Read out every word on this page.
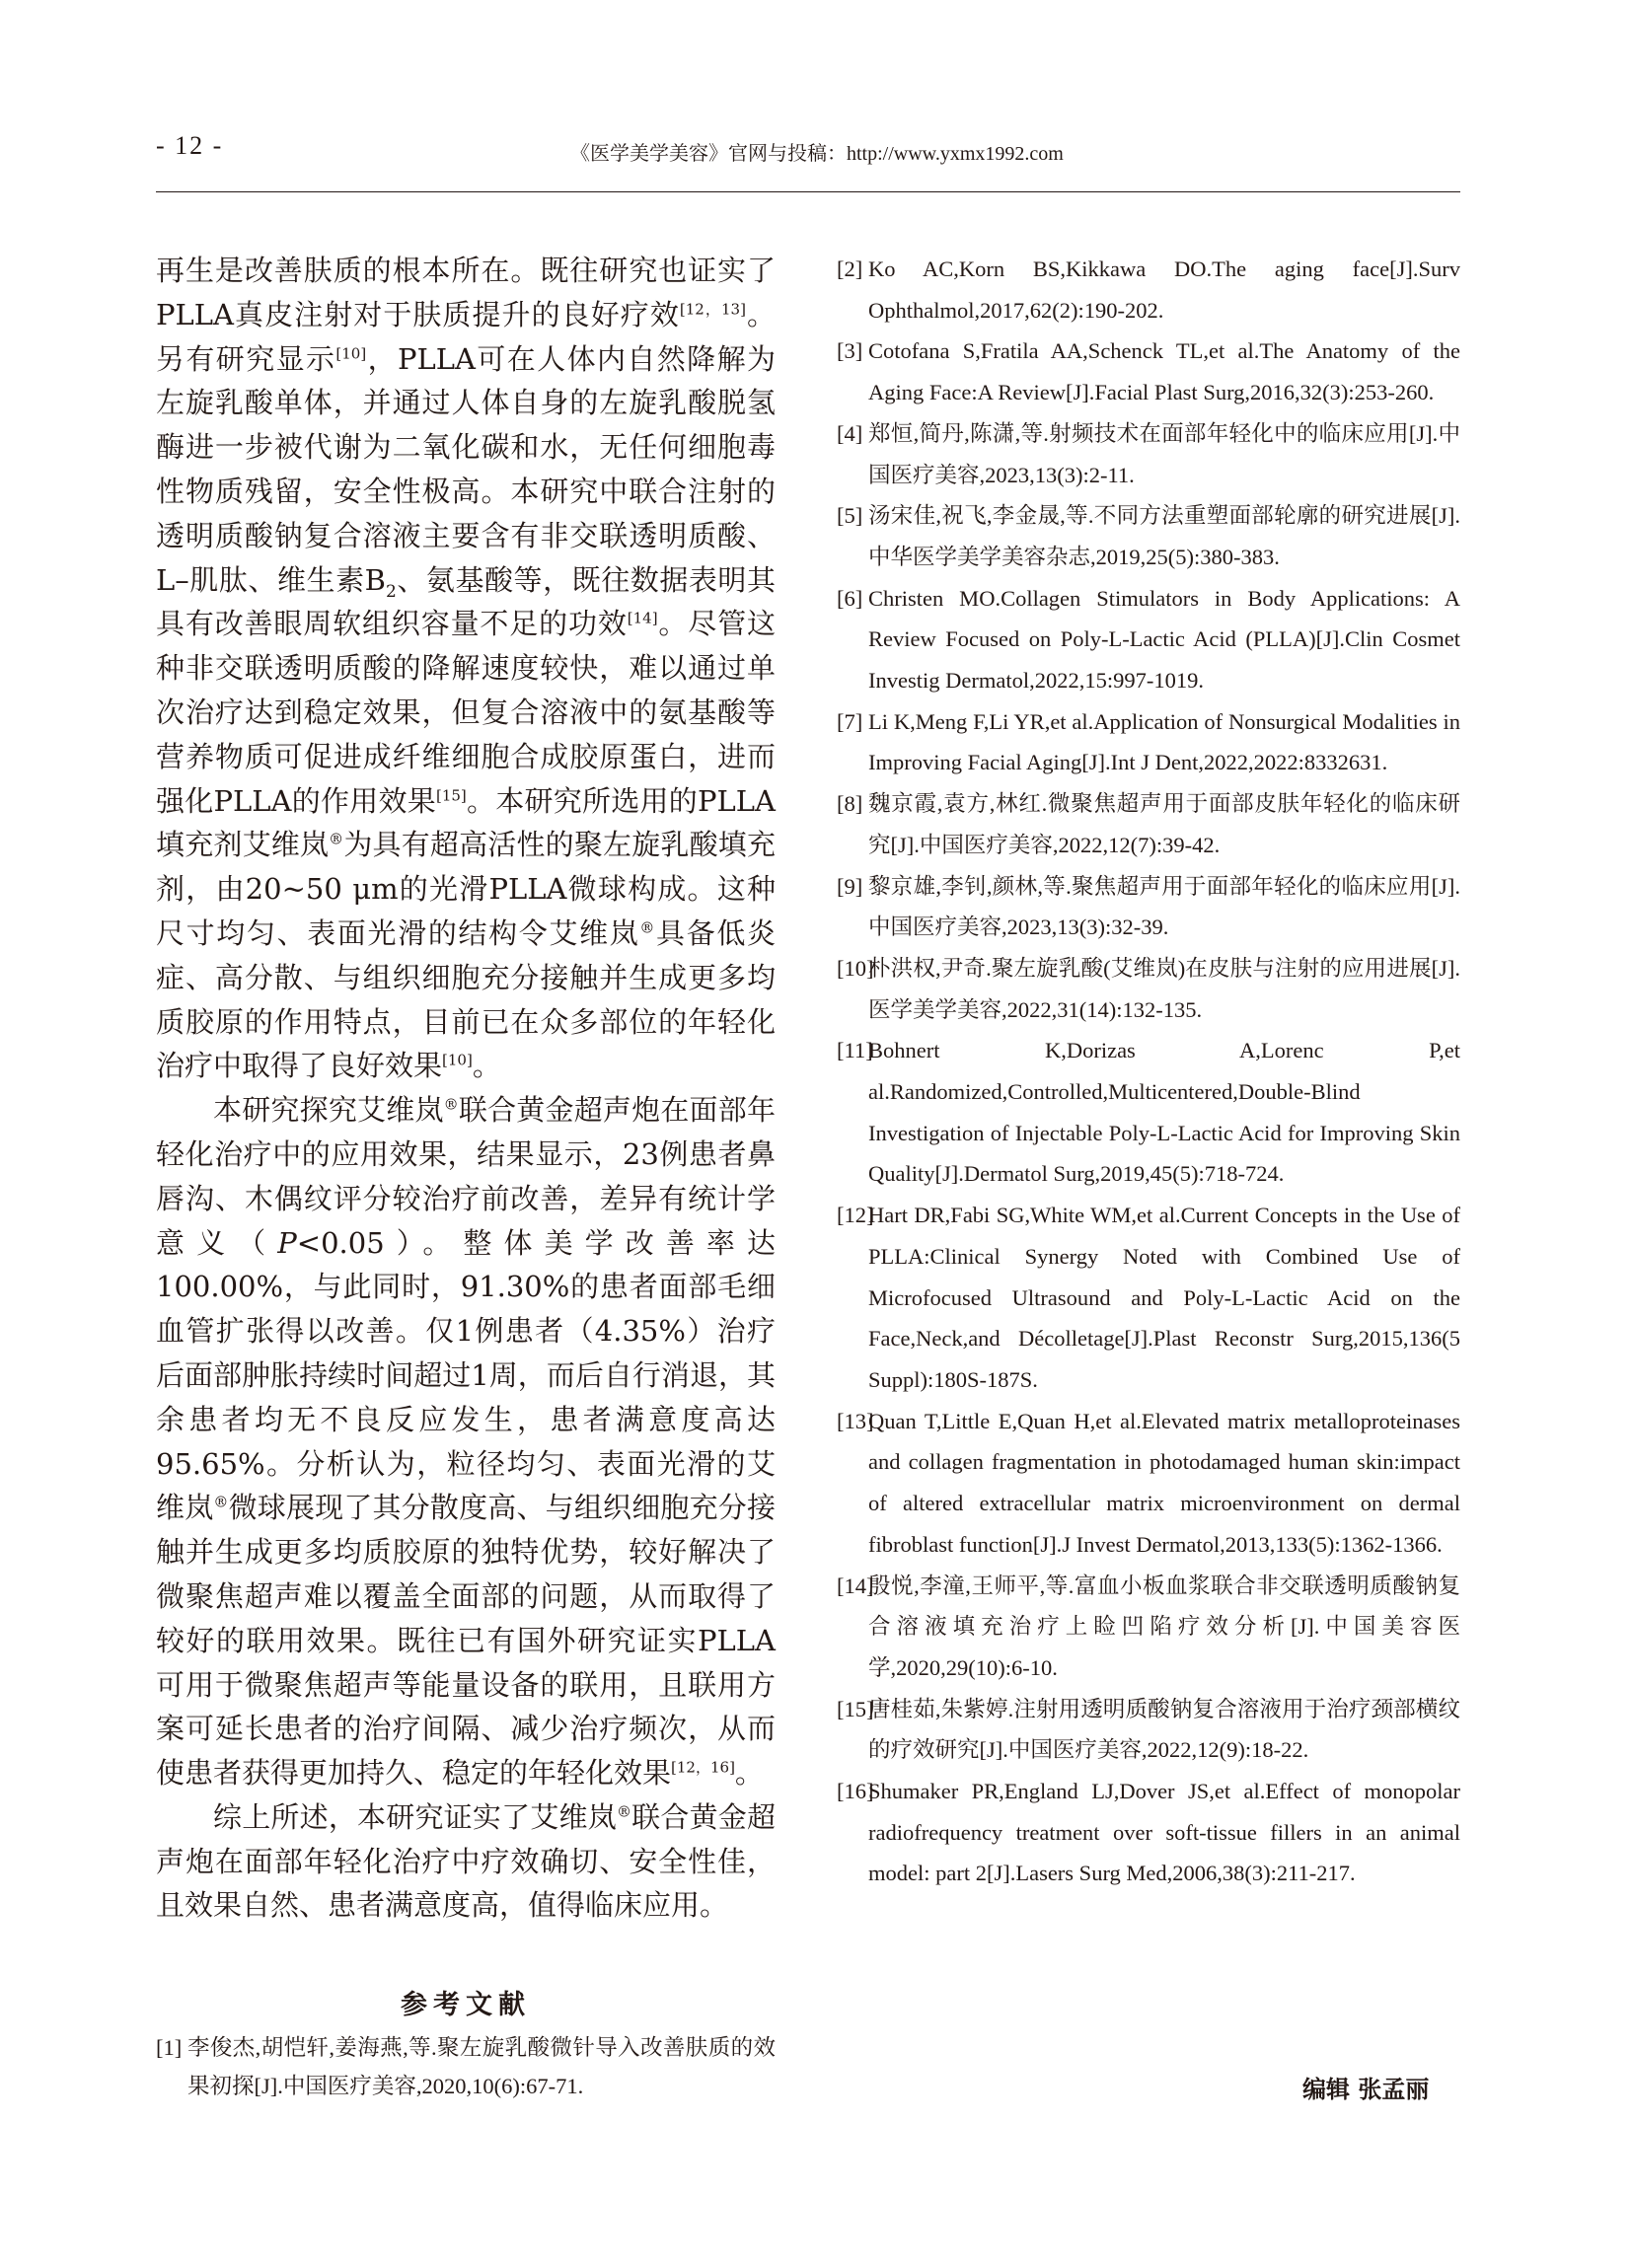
- 12 -	《医学美学美容》官网与投稿：http://www.yxmx1992.com

再生是改善肤质的根本所在。既往研究也证实了PLLA真皮注射对于肤质提升的良好疗效[12，13]。另有研究显示[10]，PLLA可在人体内自然降解为左旋乳酸单体，并通过人体自身的左旋乳酸脱氢酶进一步被代谢为二氧化碳和水，无任何细胞毒性物质残留，安全性极高。本研究中联合注射的透明质酸钠复合溶液主要含有非交联透明质酸、L–肌肽、维生素$B_2$、氨基酸等，既往数据表明其具有改善眼周软组织容量不足的功效[14]。尽管这种非交联透明质酸的降解速度较快，难以通过单次治疗达到稳定效果，但复合溶液中的氨基酸等营养物质可促进成纤维细胞合成胶原蛋白，进而强化PLLA的作用效果[15]。本研究所选用的PLLA填充剂艾维岚®为具有超高活性的聚左旋乳酸填充剂，由20~50 μm的光滑PLLA微球构成。这种尺寸均匀、表面光滑的结构令艾维岚®具备低炎症、高分散、与组织细胞充分接触并生成更多均质胶原的作用特点，目前已在众多部位的年轻化治疗中取得了良好效果[10]。

本研究探究艾维岚®联合黄金超声炮在面部年轻化治疗中的应用效果，结果显示，23例患者鼻唇沟、木偶纹评分较治疗前改善，差异有统计学意义（P<0.05）。整体美学改善率达100.00%，与此同时，91.30%的患者面部毛细血管扩张得以改善。仅1例患者（4.35%）治疗后面部肿胀持续时间超过1周，而后自行消退，其余患者均无不良反应发生，患者满意度高达95.65%。分析认为，粒径均匀、表面光滑的艾维岚®微球展现了其分散度高、与组织细胞充分接触并生成更多均质胶原的独特优势，较好解决了微聚焦超声难以覆盖全面部的问题，从而取得了较好的联用效果。既往已有国外研究证实PLLA可用于微聚焦超声等能量设备的联用，且联用方案可延长患者的治疗间隔、减少治疗频次，从而使患者获得更加持久、稳定的年轻化效果[12，16]。

综上所述，本研究证实了艾维岚®联合黄金超声炮在面部年轻化治疗中疗效确切、安全性佳，且效果自然、患者满意度高，值得临床应用。

参考文献
[1] 李俊杰,胡恺轩,姜海燕,等.聚左旋乳酸微针导入改善肤质的效果初探[J].中国医疗美容,2020,10(6):67-71.
[2] Ko AC,Korn BS,Kikkawa DO.The aging face[J].Surv Ophthalmol,2017,62(2):190-202.
[3] Cotofana S,Fratila AA,Schenck TL,et al.The Anatomy of the Aging Face:A Review[J].Facial Plast Surg,2016,32(3):253-260.
[4] 郑恒,简丹,陈潇,等.射频技术在面部年轻化中的临床应用[J].中国医疗美容,2023,13(3):2-11.
[5] 汤宋佳,祝飞,李金晟,等.不同方法重塑面部轮廓的研究进展[J].中华医学美学美容杂志,2019,25(5):380-383.
[6] Christen MO.Collagen Stimulators in Body Applications: A Review Focused on Poly-L-Lactic Acid (PLLA)[J].Clin Cosmet Investig Dermatol,2022,15:997-1019.
[7] Li K,Meng F,Li YR,et al.Application of Nonsurgical Modalities in Improving Facial Aging[J].Int J Dent,2022,2022:8332631.
[8] 魏京霞,袁方,林红.微聚焦超声用于面部皮肤年轻化的临床研究[J].中国医疗美容,2022,12(7):39-42.
[9] 黎京雄,李钊,颜林,等.聚焦超声用于面部年轻化的临床应用[J].中国医疗美容,2023,13(3):32-39.
[10]
朴洪权,尹奇.聚左旋乳酸(艾维岚)在皮肤与注射的应用进展[J].医学美学美容,2022,31(14):132-135.
[11]
Bohnert K,Dorizas A,Lorenc P,et al.Randomized,Controlled,Multicentered,Double-Blind Investigation of Injectable Poly-L-Lactic Acid for Improving Skin Quality[J].Dermatol Surg,2019,45(5):718-724.
[12]
Hart DR,Fabi SG,White WM,et al.Current Concepts in the Use of PLLA:Clinical Synergy Noted with Combined Use of Microfocused Ultrasound and Poly-L-Lactic Acid on the Face,Neck,and Décolletage[J].Plast Reconstr Surg,2015,136(5 Suppl):180S-187S.
[13]
Quan T,Little E,Quan H,et al.Elevated matrix metalloproteinases and collagen fragmentation in photodamaged human skin:impact of altered extracellular matrix microenvironment on dermal fibroblast function[J].J Invest Dermatol,2013,133(5):1362-1366.
[14]
殷悦,李潼,王师平,等.富血小板血浆联合非交联透明质酸钠复合溶液填充治疗上睑凹陷疗效分析[J].中国美容医学,2020,29(10):6-10.
[15]
唐桂茹,朱紫婷.注射用透明质酸钠复合溶液用于治疗颈部横纹的疗效研究[J].中国医疗美容,2022,12(9):18-22.
[16]
Shumaker PR,England LJ,Dover JS,et al.Effect of monopolar radiofrequency treatment over soft-tissue fillers in an animal model: part 2[J].Lasers Surg Med,2006,38(3):211-217.
编辑 张孟丽
